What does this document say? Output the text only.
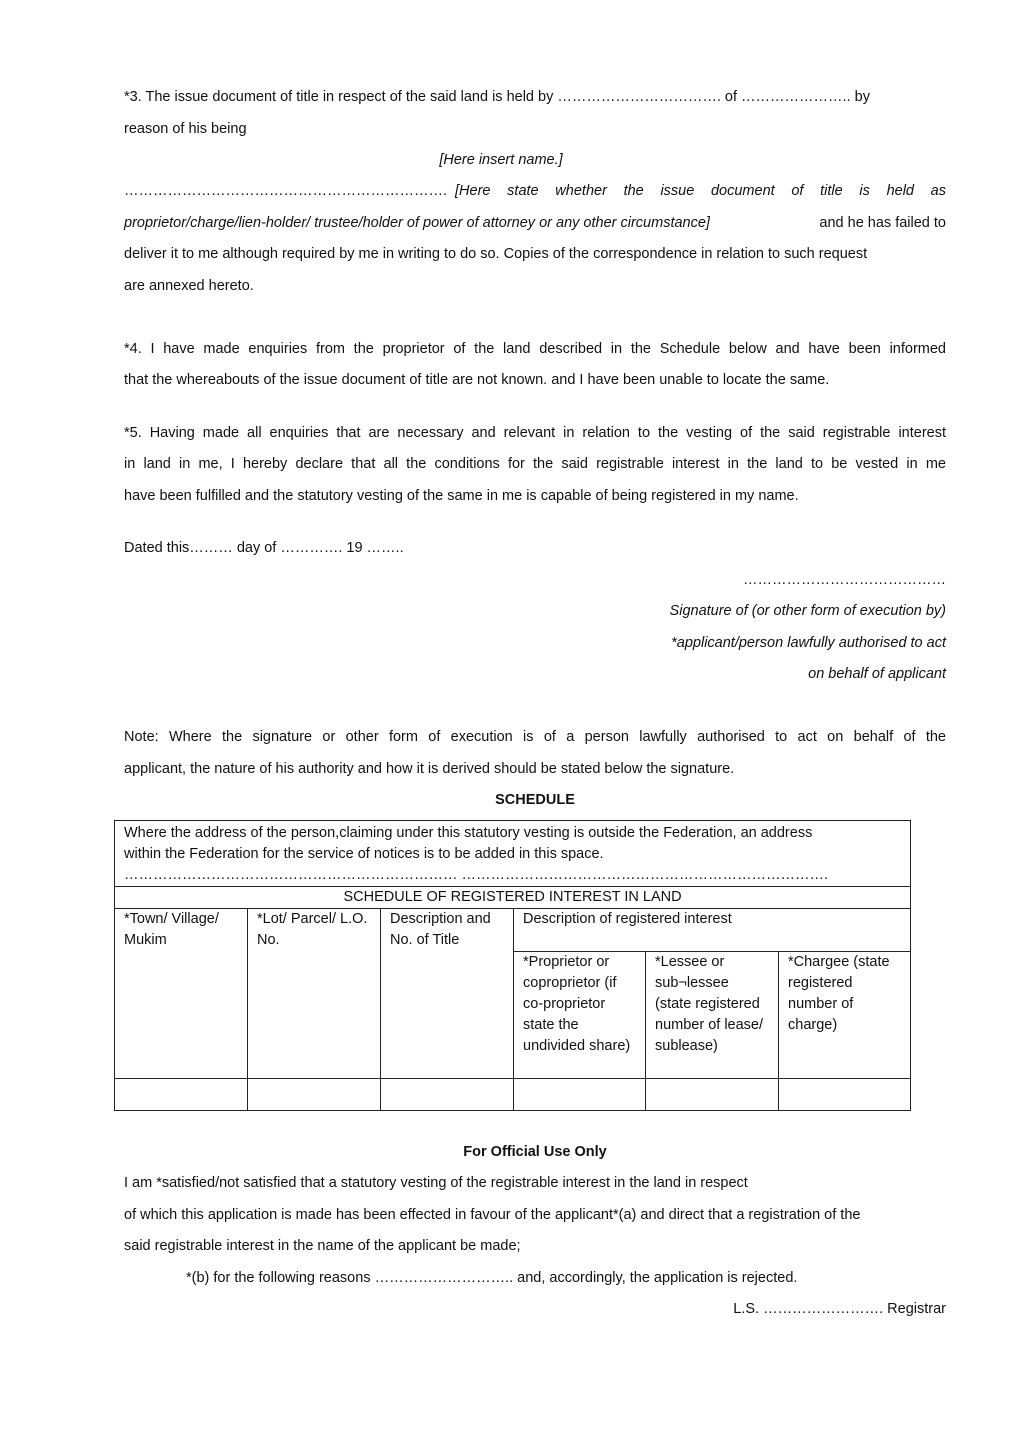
*3. The issue document of title in respect of the said land is held by ……………………………. of ………………….. by
reason of his being
[Here insert name.]
…………………………………………………………. [Here state whether the issue document of title is held as
proprietor/charge/lien-holder/ trustee/holder of power of attorney or any other circumstance]	and he has failed to
deliver it to me although required by me in writing to do so. Copies of the correspondence in relation to such request
are annexed hereto.
*4. I have made enquiries from the proprietor of the land described in the Schedule below and have been informed
that the whereabouts of the issue document of title are not known. and I have been unable to locate the same.
*5. Having made all enquiries that are necessary and relevant in relation to the vesting of the said registrable interest
in land in me, I hereby declare that all the conditions for the said registrable interest in the land to be vested in me
have been fulfilled and the statutory vesting of the same in me is capable of being registered in my name.
Dated this……… day of …………. 19 ……..
……………………………………
Signature of (or other form of execution by)
*applicant/person lawfully authorised to act
on behalf of applicant
Note: Where the signature or other form of execution is of a person lawfully authorised to act on behalf of the
applicant, the nature of his authority and how it is derived should be stated below the signature.
SCHEDULE
Where the address of the person,claiming under this statutory vesting is outside the Federation, an address
within the Federation for the service of notices is to be added in this space.
…………………………………………………………… ………………………………………………………………….					

SCHEDULE OF REGISTERED INTEREST IN LAND					
*Town/ Village/ Mukim	*Lot/ Parcel/ L.O. No.	Description and No. of Title	Description of registered interest		
			*Proprietor or coproprietor (if co-proprietor state the undivided share)	*Lessee or sub¬lessee (state registered number of lease/ sublease)	*Chargee (state registered number of charge)

For Official Use Only
I am *satisfied/not satisfied that a statutory vesting of the registrable interest in the land in respect
of which this application is made has been effected in favour of the applicant*(a) and direct that a registration of the
said registrable interest in the name of the applicant be made;
*(b) for the following reasons ……………………….. and, accordingly, the application is rejected.
L.S. ……………………. Registrar
